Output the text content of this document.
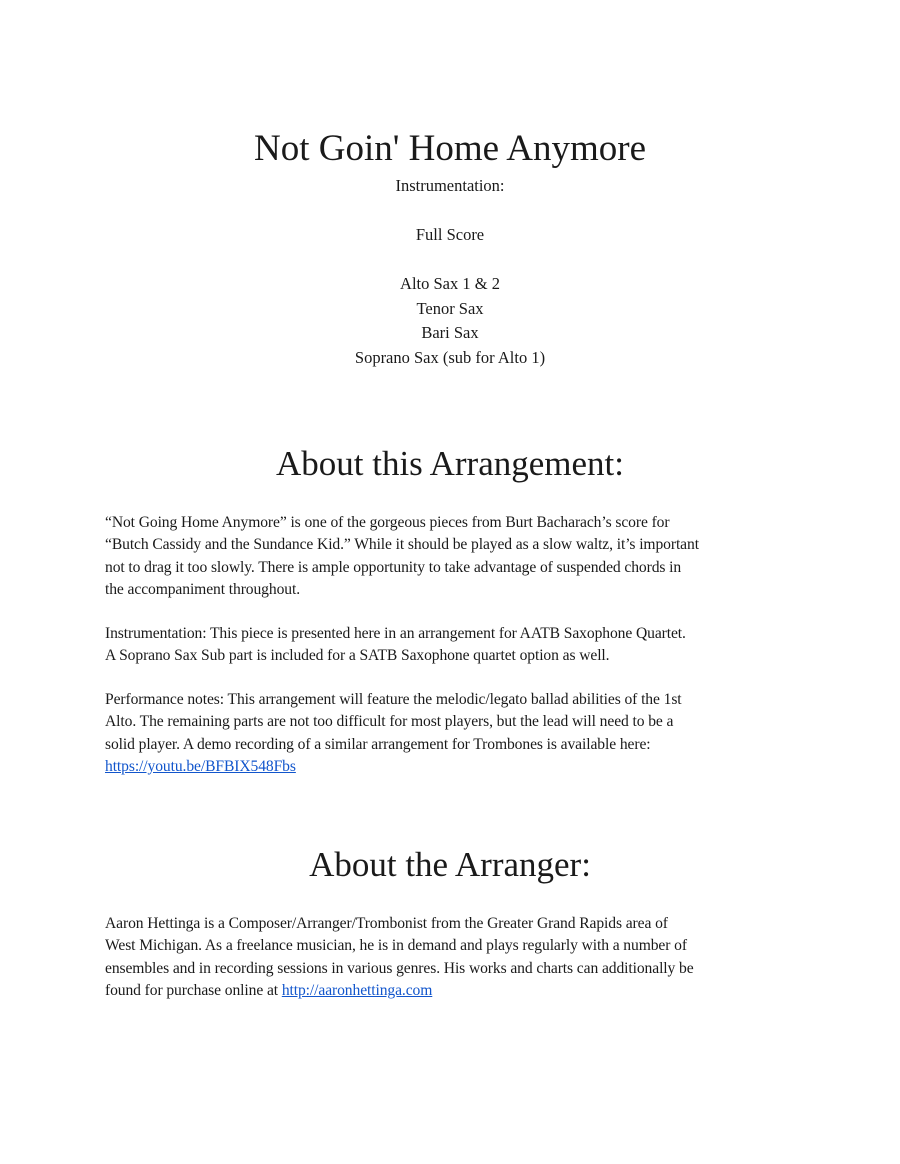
Not Goin' Home Anymore

Instrumentation:

Full Score

Alto Sax 1 & 2
Tenor Sax
Bari Sax
Soprano Sax (sub for Alto 1)
About this Arrangement:

“Not Going Home Anymore” is one of the gorgeous pieces from Burt Bacharach’s score for
“Butch Cassidy and the Sundance Kid.” While it should be played as a slow waltz, it’s important
not to drag it too slowly. There is ample opportunity to take advantage of suspended chords in
the accompaniment throughout.

Instrumentation: This piece is presented here in an arrangement for AATB Saxophone Quartet.
A Soprano Sax Sub part is included for a SATB Saxophone quartet option as well.

Performance notes: This arrangement will feature the melodic/legato ballad abilities of the 1st
Alto. The remaining parts are not too difficult for most players, but the lead will need to be a
solid player. A demo recording of a similar arrangement for Trombones is available here:
https://youtu.be/BFBIX548Fbs

About the Arranger:

Aaron Hettinga is a Composer/Arranger/Trombonist from the Greater Grand Rapids area of
West Michigan. As a freelance musician, he is in demand and plays regularly with a number of
ensembles and in recording sessions in various genres. His works and charts can additionally be
found for purchase online at http://aaronhettinga.com
